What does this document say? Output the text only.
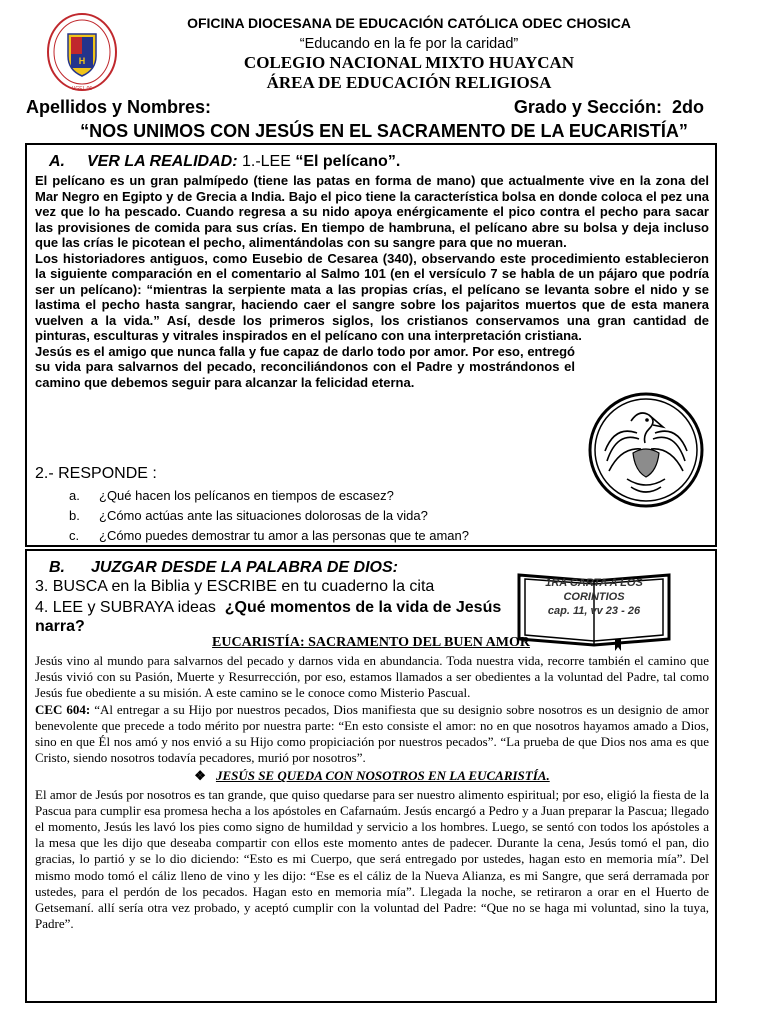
H
UGEL 06
OFICINA DIOCESANA DE EDUCACIÓN CATÓLICA ODEC CHOSICA
“Educando en la fe por la caridad”
COLEGIO NACIONAL MIXTO HUAYCAN
ÁREA DE EDUCACIÓN RELIGIOSA
Apellidos y Nombres:	Grado y Sección: 2do
“NOS UNIMOS CON JESÚS EN EL SACRAMENTO DE LA EUCARISTÍA”
A. VER LA REALIDAD: 1.-LEE “El pelícano”.

El pelícano es un gran palmípedo (tiene las patas en forma de mano) que actualmente vive en la zona del Mar Negro en Egipto y de Grecia a India. Bajo el pico tiene la característica bolsa en donde coloca el pez una vez que lo ha pescado. Cuando regresa a su nido apoya enérgicamente el pico contra el pecho para sacar las provisiones de comida para sus crías. En tiempo de hambruna, el pelícano abre su bolsa y deja incluso que las crías le picotean el pecho, alimentándolas con su sangre para que no mueran.

Los historiadores antiguos, como Eusebio de Cesarea (340), observando este procedimiento establecieron la siguiente comparación en el comentario al Salmo 101 (en el versículo 7 se habla de un pájaro que podría ser un pelícano): “mientras la serpiente mata a las propias crías, el pelícano se levanta sobre el nido y se lastima el pecho hasta sangrar, haciendo caer el sangre sobre los pajaritos muertos que de esta manera vuelven a la vida.” Así, desde los primeros siglos, los cristianos conservamos una gran cantidad de pinturas, esculturas y vitrales inspirados en el pelícano con una interpretación cristiana.

Jesús es el amigo que nunca falla y fue capaz de darlo todo por amor. Por eso, entregó su vida para salvarnos del pecado, reconciliándonos con el Padre y mostrándonos el camino que debemos seguir para alcanzar la felicidad eterna.

2.- RESPONDE :
a. ¿Qué hacen los pelícanos en tiempos de escasez?
b. ¿Cómo actúas ante las situaciones dolorosas de la vida?
c. ¿Cómo puedes demostrar tu amor a las personas que te aman?
B. JUZGAR DESDE LA PALABRA DE DIOS:
3. BUSCA en la Biblia y ESCRIBE en tu cuaderno la cita
4. LEE y SUBRAYA ideas ¿Qué momentos de la vida de Jesús narra?
1RA CARTA A LOS
CORINTIOS
cap. 11, vv 23 - 26
EUCARISTÍA: SACRAMENTO DEL BUEN AMOR

Jesús vino al mundo para salvarnos del pecado y darnos vida en abundancia. Toda nuestra vida, recorre también el camino que Jesús vivió con su Pasión, Muerte y Resurrección, por eso, estamos llamados a ser obedientes a la voluntad del Padre, tal como Jesús fue obediente a su misión. A este camino se le conoce como Misterio Pascual.

CEC 604: “Al entregar a su Hijo por nuestros pecados, Dios manifiesta que su designio sobre nosotros es un designio de amor benevolente que precede a todo mérito por nuestra parte: “En esto consiste el amor: no en que nosotros hayamos amado a Dios, sino en que Él nos amó y nos envió a su Hijo como propiciación por nuestros pecados”. “La prueba de que Dios nos ama es que Cristo, siendo nosotros todavía pecadores, murió por nosotros”.

❖ JESÚS SE QUEDA CON NOSOTROS EN LA EUCARISTÍA.

El amor de Jesús por nosotros es tan grande, que quiso quedarse para ser nuestro alimento espiritual; por eso, eligió la fiesta de la Pascua para cumplir esa promesa hecha a los apóstoles en Cafarnaúm. Jesús encargó a Pedro y a Juan preparar la Pascua; llegado el momento, Jesús les lavó los pies como signo de humildad y servicio a los hombres. Luego, se sentó con todos los apóstoles a la mesa que les dijo que deseaba compartir con ellos este momento antes de padecer. Durante la cena, Jesús tomó el pan, dio gracias, lo partió y se lo dio diciendo: “Esto es mi Cuerpo, que será entregado por ustedes, hagan esto en memoria mía”. Del mismo modo tomó el cáliz lleno de vino y les dijo: “Ese es el cáliz de la Nueva Alianza, es mi Sangre, que será derramada por ustedes, para el perdón de los pecados. Hagan esto en memoria mía”. Llegada la noche, se retiraron a orar en el Huerto de Getsemaní. allí sería otra vez probado, y aceptó cumplir con la voluntad del Padre: “Que no se haga mi voluntad, sino la tuya, Padre”.
